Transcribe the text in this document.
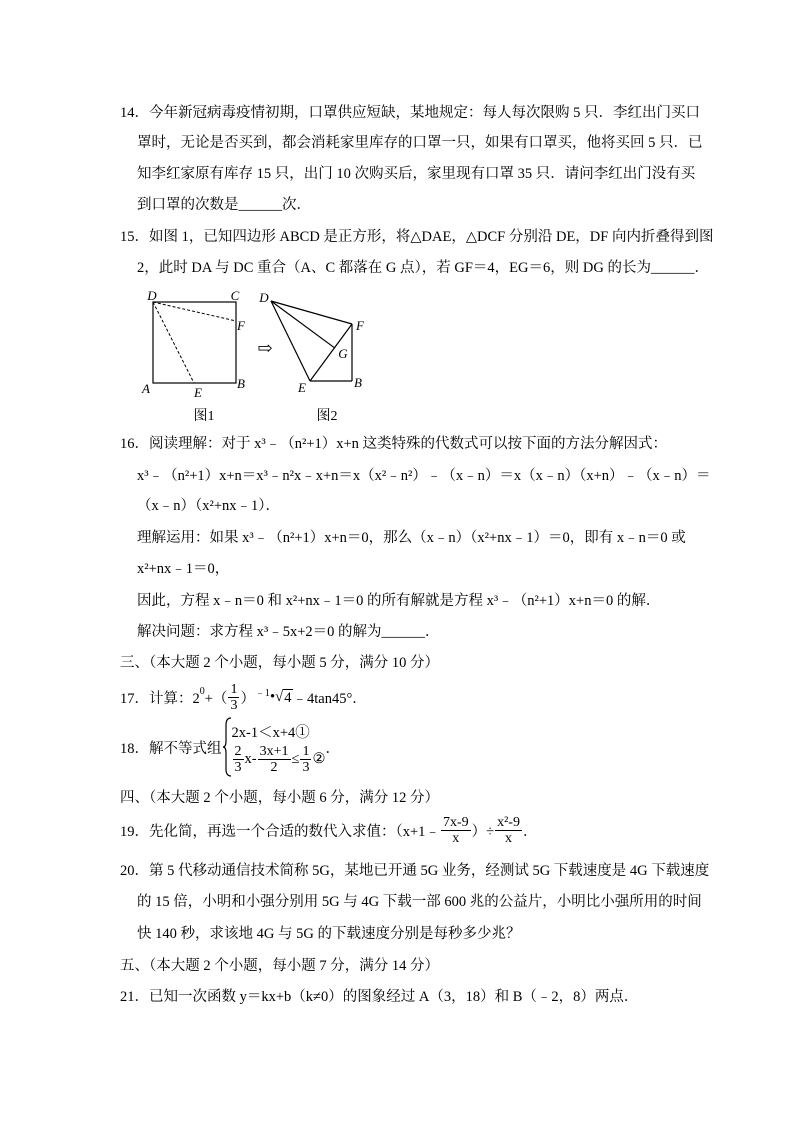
14．今年新冠病毒疫情初期，口罩供应短缺，某地规定：每人每次限购 5 只．李红出门买口
罩时，无论是否买到，都会消耗家里库存的口罩一只，如果有口罩买，他将买回 5 只．已
知李红家原有库存 15 只，出门 10 次购买后，家里现有口罩 35 只．请问李红出门没有买
到口罩的次数是______次．
15．如图 1，已知四边形 ABCD 是正方形，将△DAE，△DCF 分别沿 DE，DF 向内折叠得到图
2，此时 DA 与 DC 重合（A、C 都落在 G 点），若 GF＝4，EG＝6，则 DG 的长为______．
D	C
F
A	E
B
图1
⇨
D
F
G
E	B
图2
16．阅读理解：对于 x³﹣（n²+1）x+n 这类特殊的代数式可以按下面的方法分解因式：
x³﹣（n²+1）x+n＝x³﹣n²x﹣x+n＝x（x²﹣n²）﹣（x﹣n）＝x（x﹣n）（x+n）﹣（x﹣n）＝
（x﹣n）（x²+nx﹣1）．
理解运用：如果 x³﹣（n²+1）x+n＝0，那么（x﹣n）（x²+nx﹣1）＝0，即有 x﹣n＝0 或
x²+nx﹣1＝0，
因此，方程 x﹣n＝0 和 x²+nx﹣1＝0 的所有解就是方程 x³﹣（n²+1）x+n＝0 的解．
解决问题：求方程 x³﹣5x+2＝0 的解为______．
三、（本大题 2 个小题，每小题 5 分，满分 10 分）
17．计算：2 0 +（ $\frac{1}{3}$ ） ﹣1 • √ 4 ﹣4tan45°．
18．解不等式组
2x-1＜x+4①
$\frac{2}{3} x- \frac{3x+1}{2} \le \frac{1}{3}$ ②
．
四、（本大题 2 个小题，每小题 6 分，满分 12 分）
19．先化简，再选一个合适的数代入求值：（x+1﹣ $\frac{7x-9}{x}$ ）÷ $\frac{\text{x²-9}}{x}$ ．
20．第 5 代移动通信技术简称 5G，某地已开通 5G 业务，经测试 5G 下载速度是 4G 下载速度
的 15 倍，小明和小强分别用 5G 与 4G 下载一部 600 兆的公益片，小明比小强所用的时间
快 140 秒，求该地 4G 与 5G 的下载速度分别是每秒多少兆？
五、（本大题 2 个小题，每小题 7 分，满分 14 分）
21．已知一次函数 y＝kx+b（k≠0）的图象经过 A（3，18）和 B（﹣2，8）两点．
